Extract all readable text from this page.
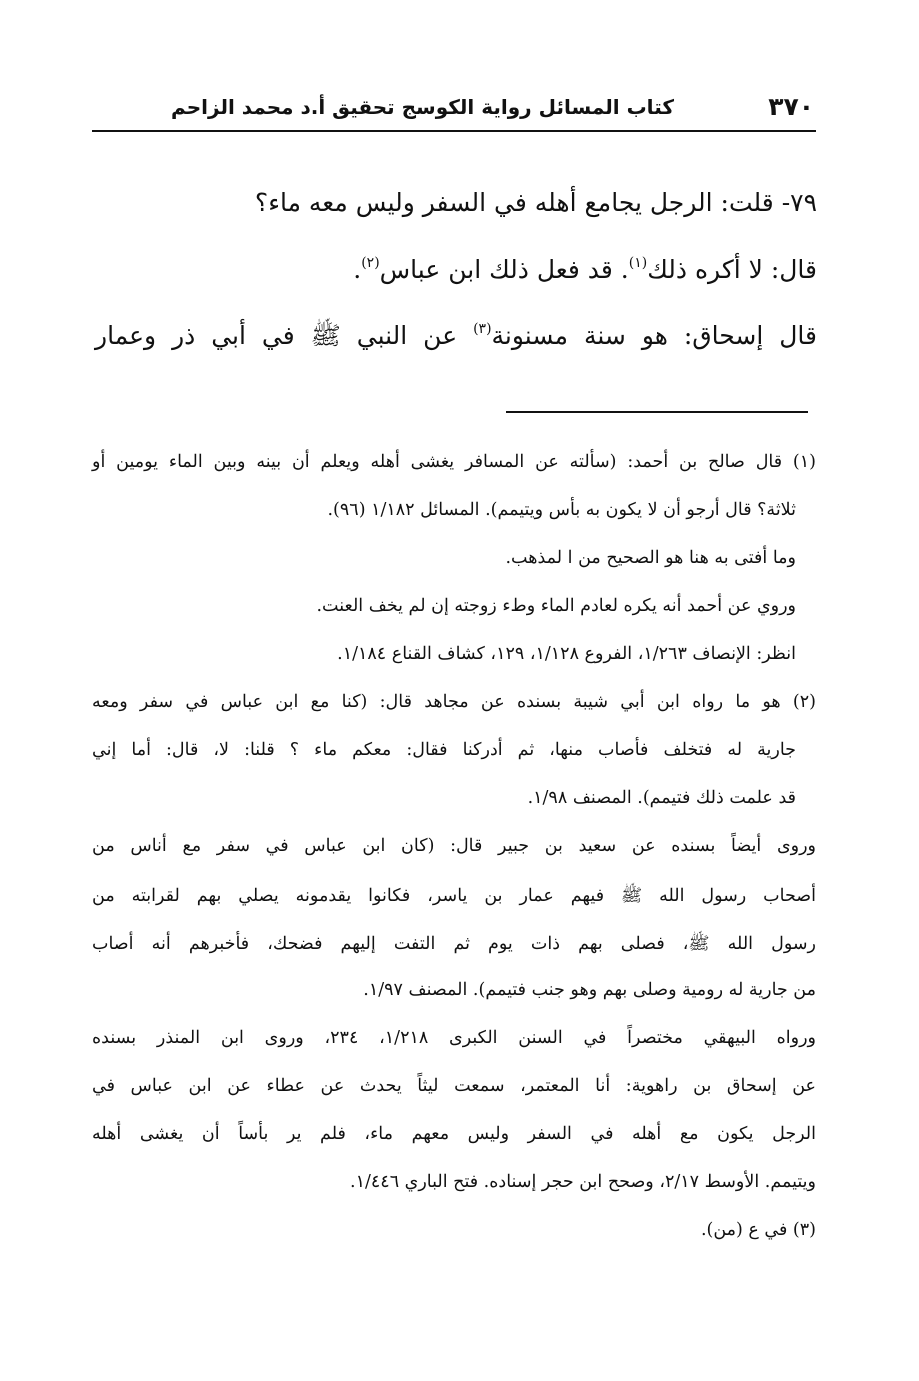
٣٧٠
كتاب المسائل رواية الكوسج تحقيق أ.د محمد الزاحم
٧٩- قلت: الرجل يجامع أهله في السفر وليس معه ماء؟
قال: لا أكره ذلك$^{(١)}$. قد فعل ذلك ابن عباس$^{(٢)}$.
قال إسحاق: هو سنة مسنونة$^{(٣)}$ عن النبي ﷺ في أبي ذر وعمار
(١) قال صالح بن أحمد: (سألته عن المسافر يغشى أهله ويعلم أن بينه وبين الماء يومين أو
ثلاثة؟ قال أرجو أن لا يكون به بأس ويتيمم). المسائل ١/١٨٢ (٩٦).
وما أفتى به هنا هو الصحيح من ا لمذهب.
وروي عن أحمد أنه يكره لعادم الماء وطء زوجته إن لم يخف العنت.
انظر: الإنصاف ١/٢٦٣، الفروع ١/١٢٨، ١٢٩، كشاف القناع ١/١٨٤.
(٢) هو ما رواه ابن أبي شيبة بسنده عن مجاهد قال: (كنا مع ابن عباس في سفر ومعه
جارية له فتخلف فأصاب منها، ثم أدركنا فقال: معكم ماء ؟ قلنا: لا، قال: أما إني
قد علمت ذلك فتيمم). المصنف ١/٩٨.
وروى أيضاً بسنده عن سعيد بن جبير قال: (كان ابن عباس في سفر مع أناس من
أصحاب رسول الله ﷺ فيهم عمار بن ياسر، فكانوا يقدمونه يصلي بهم لقرابته من
رسول الله ﷺ، فصلى بهم ذات يوم ثم التفت إليهم فضحك، فأخبرهم أنه أصاب
من جارية له رومية وصلى بهم وهو جنب فتيمم). المصنف ١/٩٧.
ورواه البيهقي مختصراً في السنن الكبرى ١/٢١٨، ٢٣٤، وروى ابن المنذر بسنده
عن إسحاق بن راهوية: أنا المعتمر، سمعت ليثاً يحدث عن عطاء عن ابن عباس في
الرجل يكون مع أهله في السفر وليس معهم ماء، فلم ير بأساً أن يغشى أهله
ويتيمم. الأوسط ٢/١٧، وصحح ابن حجر إسناده. فتح الباري ١/٤٤٦.
(٣) في ع (من).
